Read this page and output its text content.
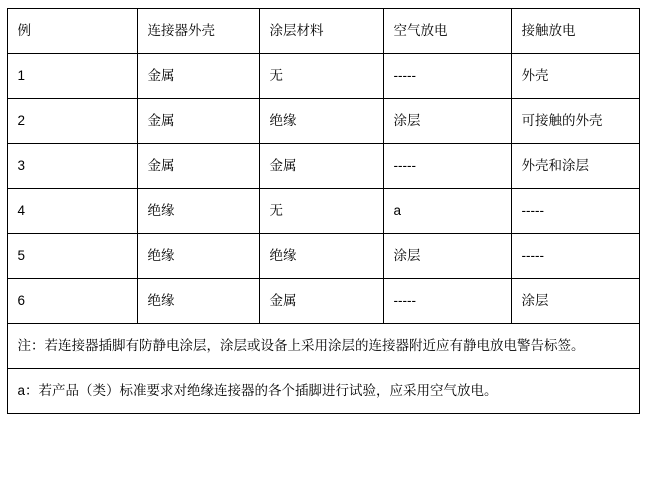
例	连接器外壳	涂层材料	空气放电	接触放电
1	金属	无	-----	外壳
2	金属	绝缘	涂层	可接触的外壳
3	金属	金属	-----	外壳和涂层
4	绝缘	无	a	-----
5	绝缘	绝缘	涂层	-----
6	绝缘	金属	-----	涂层

注：若连接器插脚有防静电涂层，涂层或设备上采用涂层的连接器附近应有静电放电警告标签。				

a：若产品（类）标准要求对绝缘连接器的各个插脚进行试验，应采用空气放电。				
